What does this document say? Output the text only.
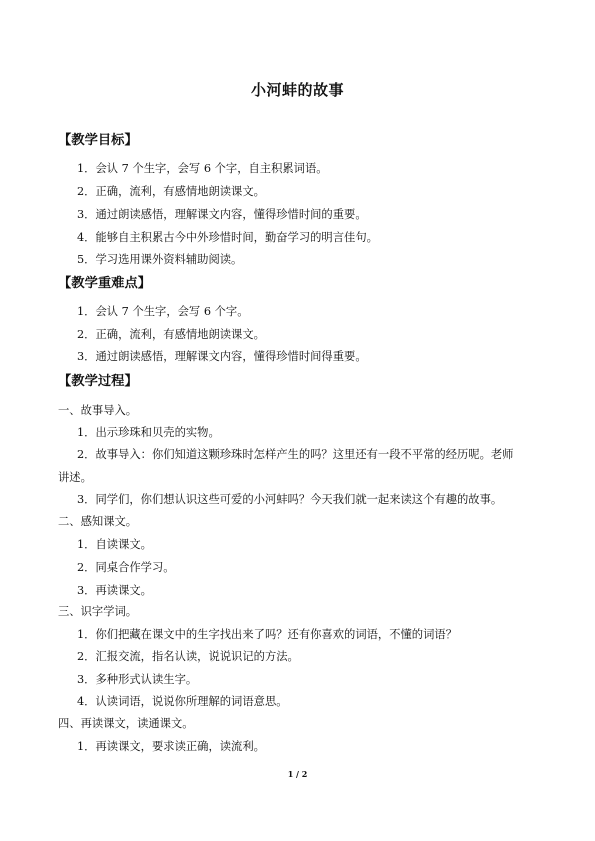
小河蚌的故事
【教学目标】
1．会认 7 个生字，会写 6 个字，自主积累词语。
2．正确，流利，有感情地朗读课文。
3．通过朗读感悟，理解课文内容，懂得珍惜时间的重要。
4．能够自主积累古今中外珍惜时间，勤奋学习的明言佳句。
5．学习选用课外资料辅助阅读。
【教学重难点】
1．会认 7 个生字，会写 6 个字。
2．正确，流利，有感情地朗读课文。
3．通过朗读感悟，理解课文内容，懂得珍惜时间得重要。
【教学过程】
一、故事导入。
1．出示珍珠和贝壳的实物。
2．故事导入：你们知道这颗珍珠时怎样产生的吗？这里还有一段不平常的经历呢。老师
讲述。
3．同学们，你们想认识这些可爱的小河蚌吗？今天我们就一起来读这个有趣的故事。
二、感知课文。
1．自读课文。
2．同桌合作学习。
3．再读课文。
三、识字学词。
1．你们把藏在课文中的生字找出来了吗？还有你喜欢的词语，不懂的词语？
2．汇报交流，指名认读，说说识记的方法。
3．多种形式认读生字。
4．认读词语，说说你所理解的词语意思。
四、再读课文，读通课文。
1．再读课文，要求读正确，读流利。
1 / 2
